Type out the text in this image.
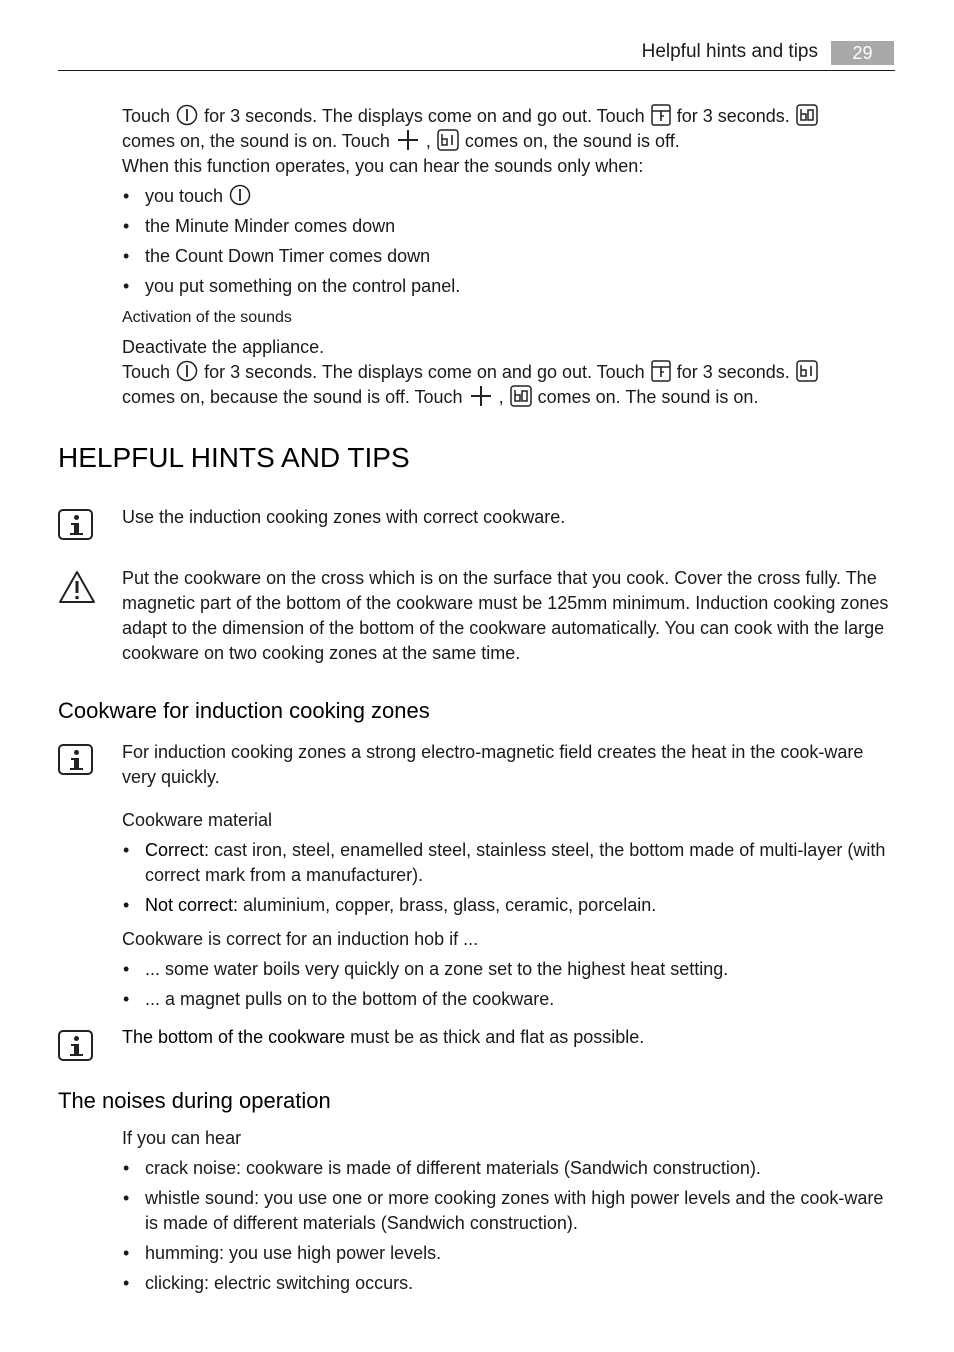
Helpful hints and tips	29

Touch for 3 seconds. The displays come on and go out. Touch for 3 seconds.
comes on, the sound is on. Touch , comes on, the sound is off.
When this function operates, you can hear the sounds only when:

• you touch
• the Minute Minder comes down
• the Count Down Timer comes down
• you put something on the control panel.
Activation of the sounds

Deactivate the appliance.
Touch for 3 seconds. The displays come on and go out. Touch for 3 seconds.
comes on, because the sound is off. Touch , comes on. The sound is on.

HELPFUL HINTS AND TIPS
Use the induction cooking zones with correct cookware.
Put the cookware on the cross which is on the surface that you cook. Cover the cross fully. The magnetic part of the bottom of the cookware must be 125mm minimum. Induction cooking zones adapt to the dimension of the bottom of the cookware automatically. You can cook with the large cookware on two cooking zones at the same time.
Cookware for induction cooking zones
For induction cooking zones a strong electro-magnetic field creates the heat in the cook-ware very quickly.
Cookware material
• Correct: cast iron, steel, enamelled steel, stainless steel, the bottom made of multi-layer (with correct mark from a manufacturer).
• Not correct: aluminium, copper, brass, glass, ceramic, porcelain.
Cookware is correct for an induction hob if ...
• ... some water boils very quickly on a zone set to the highest heat setting.
• ... a magnet pulls on to the bottom of the cookware.
The bottom of the cookware must be as thick and flat as possible.
The noises during operation
If you can hear
• crack noise: cookware is made of different materials (Sandwich construction).
• whistle sound: you use one or more cooking zones with high power levels and the cook-ware is made of different materials (Sandwich construction).
• humming: you use high power levels.
• clicking: electric switching occurs.
